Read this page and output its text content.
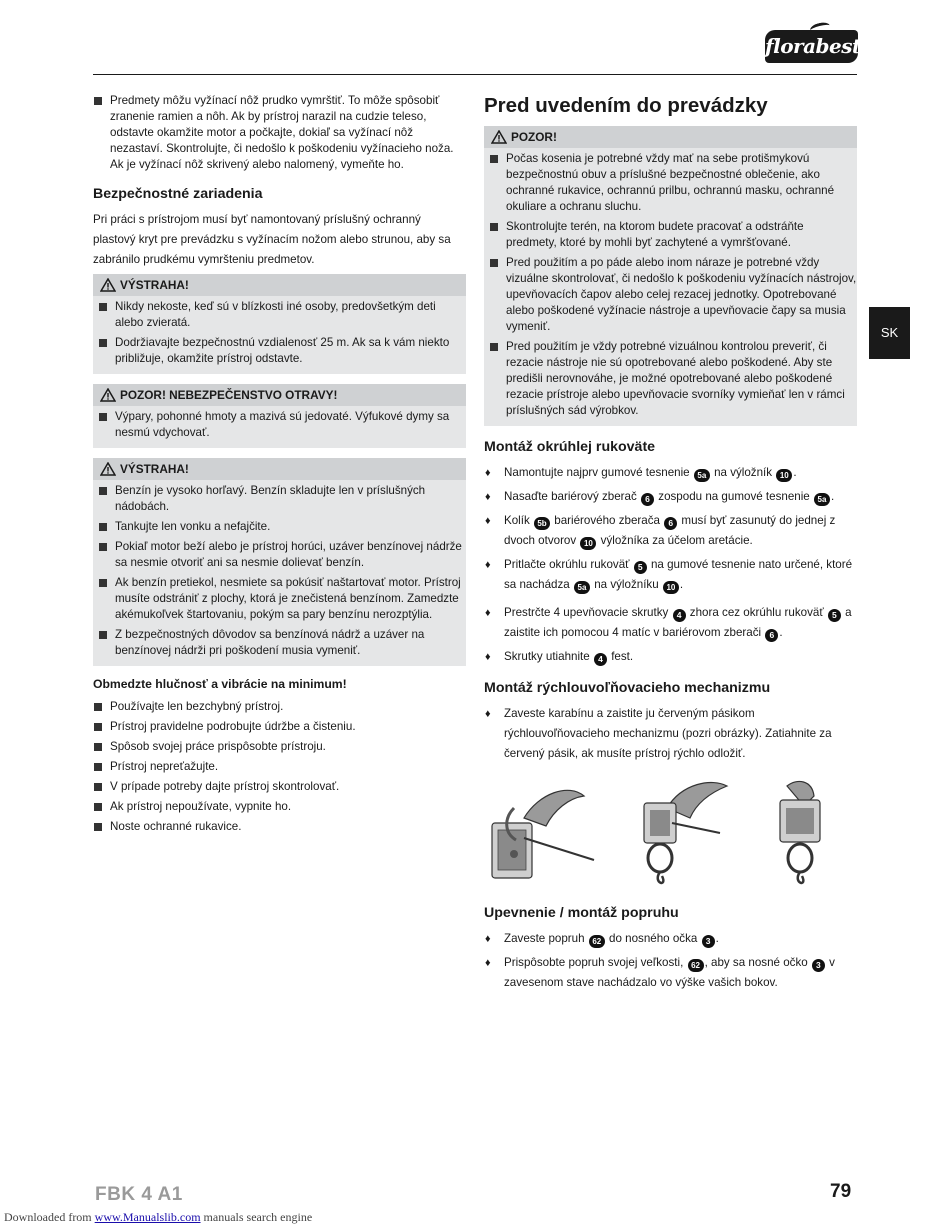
florabest
SK
Predmety môžu vyžínací nôž prudko vymrštiť. To môže spôsobiť zranenie ramien a nôh. Ak by prístroj narazil na cudzie teleso, odstavte okamžite motor a počkajte, dokiaľ sa vyžínací nôž nezastaví. Skontrolujte, či nedošlo k poškodeniu vyžínacieho noža. Ak je vyžínací nôž skrivený alebo nalomený, vymeňte ho.
Bezpečnostné zariadenia

Pri práci s prístrojom musí byť namontovaný príslušný ochranný plastový kryt pre prevádzku s vyžínacím nožom alebo strunou, aby sa zabránilo prudkému vymršteniu predmetov.

VÝSTRAHA!
Nikdy nekoste, keď sú v blízkosti iné osoby, predovšetkým deti alebo zvieratá.
Dodržiavajte bezpečnostnú vzdialenosť 25 m. Ak sa k vám niekto približuje, okamžite prístroj odstavte.
POZOR! NEBEZPEČENSTVO OTRAVY!
Výpary, pohonné hmoty a mazivá sú jedovaté. Výfukové dymy sa nesmú vdychovať.
VÝSTRAHA!
Benzín je vysoko horľavý. Benzín skladujte len v príslušných nádobách.
Tankujte len vonku a nefajčite.
Pokiaľ motor beží alebo je prístroj horúci, uzáver benzínovej nádrže sa nesmie otvoriť ani sa nesmie dolievať benzín.
Ak benzín pretiekol, nesmiete sa pokúsiť naštartovať motor. Prístroj musíte odstrániť z plochy, ktorá je znečistená benzínom. Zamedzte akémukoľvek štartovaniu, pokým sa pary benzínu nerozptýlia.
Z bezpečnostných dôvodov sa benzínová nádrž a uzáver na benzínovej nádrži pri poškodení musia vymeniť.
Obmedzte hlučnosť a vibrácie na minimum!
Používajte len bezchybný prístroj.
Prístroj pravidelne podrobujte údržbe a čisteniu.
Spôsob svojej práce prispôsobte prístroju.
Prístroj nepreťažujte.
V prípade potreby dajte prístroj skontrolovať.
Ak prístroj nepoužívate, vypnite ho.
Noste ochranné rukavice.
Pred uvedením do prevádzky
POZOR!
Počas kosenia je potrebné vždy mať na sebe protišmykovú bezpečnostnú obuv a príslušné bezpečnostné oblečenie, ako ochranné rukavice, ochrannú prilbu, ochrannú masku, ochranné okuliare a ochranu sluchu.
Skontrolujte terén, na ktorom budete pracovať a odstráňte predmety, ktoré by mohli byť zachytené a vymršťované.
Pred použitím a po páde alebo inom náraze je potrebné vždy vizuálne skontrolovať, či nedošlo k poškodeniu vyžínacích nástrojov, upevňovacích čapov alebo celej rezacej jednotky. Opotrebované alebo poškodené vyžínacie nástroje a upevňovacie čapy sa musia vymeniť.
Pred použitím je vždy potrebné vizuálnou kontrolou preveriť, či rezacie nástroje nie sú opotrebované alebo poškodené. Aby ste predišli nerovnováhe, je možné opotrebované alebo poškodené rezacie prístroje alebo upevňovacie svorníky vymieňať len v rámci príslušných sád výrobkov.
Montáž okrúhlej rukoväte
♦ Namontujte najprv gumové tesnenie 5a na výložník 10 .
♦ Nasaďte bariérový zberač 6 zospodu na gumové tesnenie 5a .
♦ Kolík 5b bariérového zberača 6 musí byť zasunutý do jednej z dvoch otvorov 10 výložníka za účelom aretácie.
♦ Pritlačte okrúhlu rukoväť 5 na gumové tesnenie nato určené, ktoré sa nachádza 5a na výložníku 10 .
♦ Prestrčte 4 upevňovacie skrutky 4 zhora cez okrúhlu rukoväť 5 a zaistite ich pomocou 4 matíc v bariérovom zberači 6 .
♦ Skrutky utiahnite 4 fest.
Montáž rýchlouvoľňovacieho mechanizmu
♦ Zaveste karabínu a zaistite ju červeným pásikom rýchlouvoľňovacieho mechanizmu (pozri obrázky). Zatiahnite za červený pásik, ak musíte prístroj rýchlo odložiť.
Upevnenie / montáž popruhu
♦ Zaveste popruh 62 do nosného očka 3 .
♦ Prispôsobte popruh svojej veľkosti, 62 , aby sa nosné očko 3 v zavesenom stave nachádzalo vo výške vašich bokov.
FBK 4 A1	79
Downloaded from www.Manualslib.com manuals search engine
